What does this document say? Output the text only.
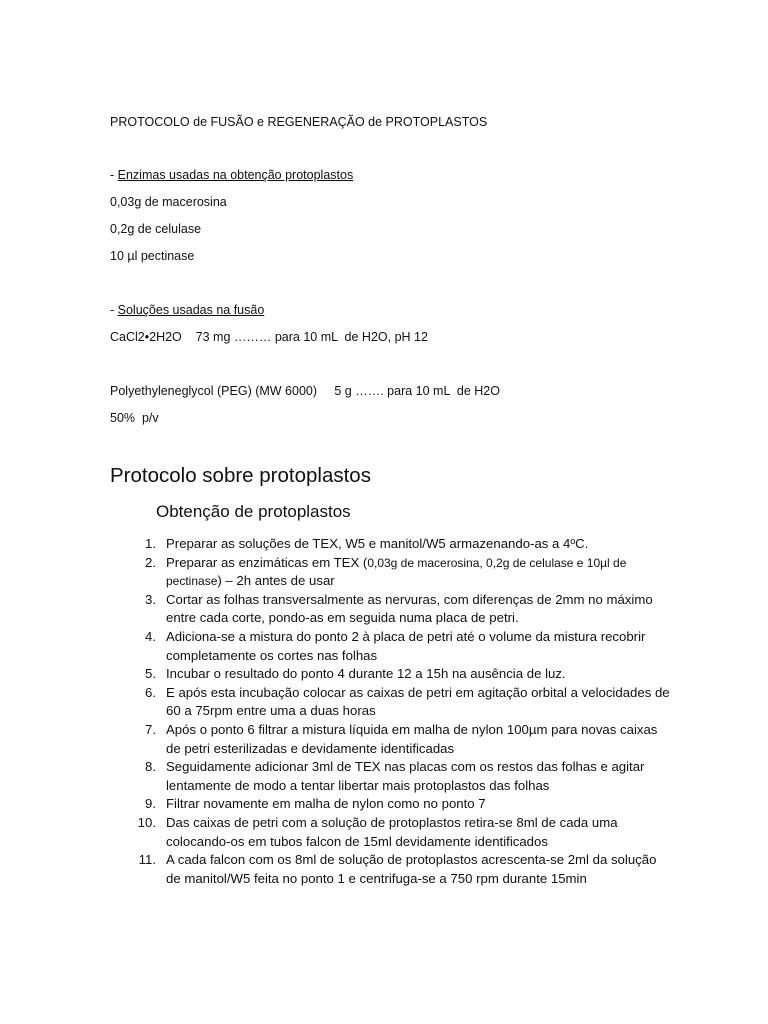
PROTOCOLO de FUSÃO e REGENERAÇÃO de PROTOPLASTOS
- Enzimas usadas na obtenção protoplastos
0,03g de macerosina
0,2g de celulase
10 µl pectinase
- Soluções usadas na fusão
CaCl2•2H2O    73 mg ……… para 10 mL  de H2O, pH 12
Polyethyleneglycol (PEG) (MW 6000)     5 g ……. para 10 mL  de H2O
50%  p/v
Protocolo sobre protoplastos
Obtenção de protoplastos
1. Preparar as soluções de TEX, W5 e manitol/W5 armazenando-as a 4ºC.
2. Preparar as enzimáticas em TEX (0,03g de macerosina, 0,2g de celulase e 10µl de pectinase) – 2h antes de usar
3. Cortar as folhas transversalmente as nervuras, com diferenças de 2mm no máximo entre cada corte, pondo-as em seguida numa placa de petri.
4. Adiciona-se a mistura do ponto 2 à placa de petri até o volume da mistura recobrir completamente os cortes nas folhas
5. Incubar o resultado do ponto 4 durante 12 a 15h na ausência de luz.
6. E após esta incubação colocar as caixas de petri em agitação orbital a velocidades de 60 a 75rpm entre uma a duas horas
7. Após o ponto 6 filtrar a mistura líquida em malha de nylon 100µm para novas caixas de petri esterilizadas e devidamente identificadas
8. Seguidamente adicionar 3ml de TEX nas placas com os restos das folhas e agitar lentamente de modo a tentar libertar mais protoplastos das folhas
9. Filtrar novamente em malha de nylon como no ponto 7
10. Das caixas de petri com a solução de protoplastos retira-se 8ml de cada uma colocando-os em tubos falcon de 15ml devidamente identificados
11. A cada falcon com os 8ml de solução de protoplastos acrescenta-se 2ml da solução de manitol/W5 feita no ponto 1 e centrifuga-se a 750 rpm durante 15min
